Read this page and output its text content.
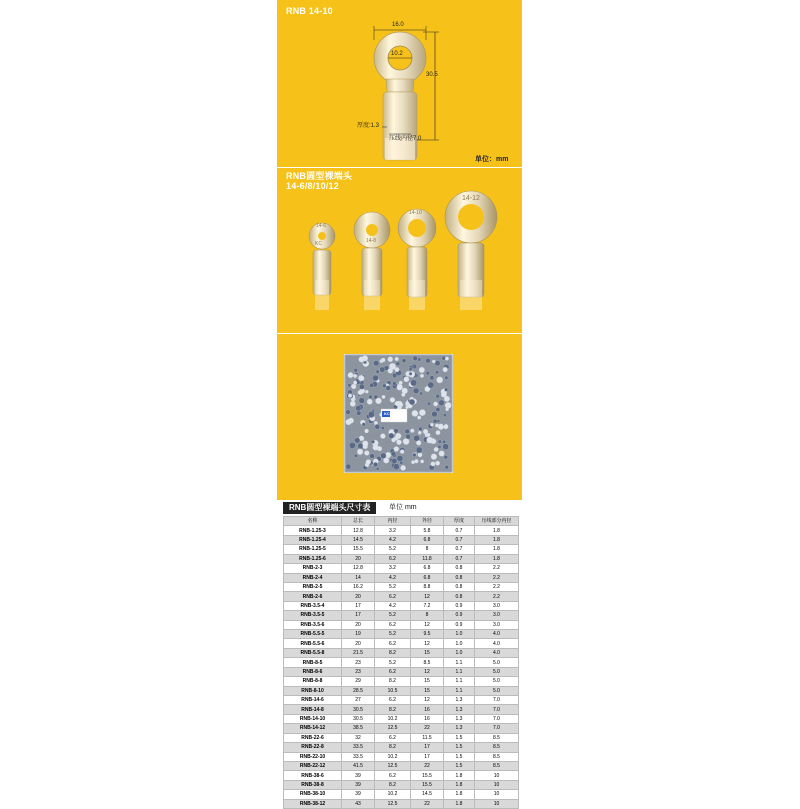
RNB 14-10
16.0
10.2
30.5
厚度:1.3
压线内径7.0
单位：mm
RNB圆型裸端头
14-6/8/10/12
14-6
14-8
14-10
14-12
KC
KC
RNB圆型裸端头尺寸表	单位 mm
名称	总长	内径	外径	厚度	压线部分内径
RNB-1.25-3	12.8	3.2	5.8	0.7	1.8
RNB-1.25-4	14.5	4.2	6.8	0.7	1.8
RNB-1.25-5	15.5	5.2	8	0.7	1.8
RNB-1.25-6	20	6.2	11.8	0.7	1.8
RNB-2-3	12.8	3.2	6.8	0.8	2.2
RNB-2-4	14	4.2	6.8	0.8	2.2
RNB-2-5	16.2	5.2	8.8	0.8	2.2
RNB-2-6	20	6.2	12	0.8	2.2
RNB-3.5-4	17	4.2	7.2	0.9	3.0
RNB-3.5-5	17	5.2	8	0.9	3.0
RNB-3.5-6	20	6.2	12	0.9	3.0
RNB-5.5-5	19	5.2	9.5	1.0	4.0
RNB-5.5-6	20	6.2	12	1.0	4.0
RNB-5.5-8	21.5	8.2	15	1.0	4.0
RNB-8-5	23	5.2	8.5	1.1	5.0
RNB-8-6	23	6.2	12	1.1	5.0
RNB-8-8	29	8.2	15	1.1	5.0
RNB-8-10	28.5	10.5	15	1.1	5.0
RNB-14-6	27	6.2	12	1.3	7.0
RNB-14-8	30.5	8.2	16	1.3	7.0
RNB-14-10	30.5	10.2	16	1.3	7.0
RNB-14-12	38.5	12.5	22	1.3	7.0
RNB-22-6	32	6.2	11.5	1.5	8.5
RNB-22-8	33.5	8.2	17	1.5	8.5
RNB-22-10	33.5	10.2	17	1.5	8.5
RNB-22-12	41.5	12.5	22	1.5	8.5
RNB-38-6	39	6.2	15.5	1.8	10
RNB-38-8	39	8.2	15.5	1.8	10
RNB-38-10	39	10.2	14.5	1.8	10
RNB-38-12	43	12.5	22	1.8	10
